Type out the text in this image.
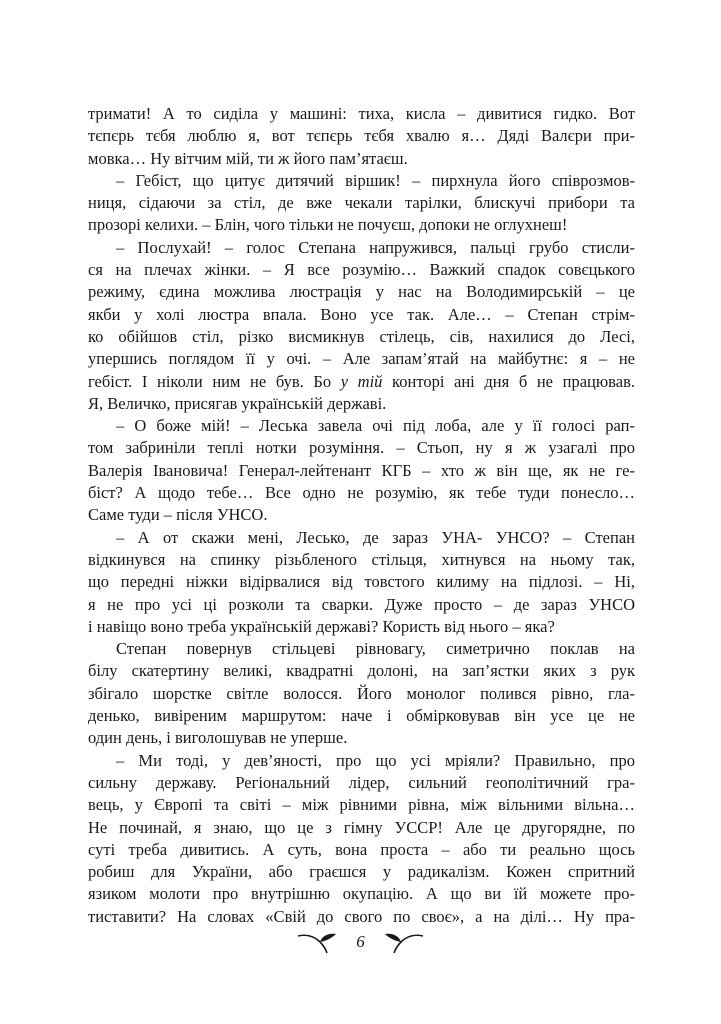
тримати! А то сиділа у машині: тиха, кисла – дивитися гидко. Вот
тєпєрь тєбя люблю я, вот тєпєрь тєбя хвалю я… Дяді Валєри при-
мовка… Ну вітчим мій, ти ж його пам’ятаєш.
– Гебіст, що цитує дитячий віршик! – пирхнула його співрозмов-
ниця, сідаючи за стіл, де вже чекали тарілки, блискучі прибори та
прозорі келихи. – Блін, чого тільки не почуєш, допоки не оглухнеш!
– Послухай! – голос Степана напружився, пальці грубо стисли-
ся на плечах жінки. – Я все розумію… Важкий спадок совєцького
режиму, єдина можлива люстрація у нас на Володимирській – це
якби у холі люстра впала. Воно усе так. Але… – Степан стрім-
ко обійшов стіл, різко висмикнув стілець, сів, нахилися до Лесі,
упершись поглядом її у очі. – Але запам’ятай на майбутнє: я – не
гебіст. І ніколи ним не був. Бо у тій конторі ані дня б не працював.
Я, Величко, присягав українській державі.
– О боже мій! – Леська завела очі під лоба, але у її голосі рап-
том забриніли теплі нотки розуміння. – Стьоп, ну я ж узагалі про
Валерія Івановича! Генерал-лейтенант КГБ – хто ж він ще, як не ге-
біст? А щодо тебе… Все одно не розумію, як тебе туди понесло…
Саме туди – після УНСО.
– А от скажи мені, Лесько, де зараз УНА- УНСО? – Степан
відкинувся на спинку різьбленого стільця, хитнувся на ньому так,
що передні ніжки відірвалися від товстого килиму на підлозі. – Ні,
я не про усі ці розколи та сварки. Дуже просто – де зараз УНСО
і навіщо воно треба українській державі? Користь від нього – яка?
Степан повернув стільцеві рівновагу, симетрично поклав на
білу скатертину великі, квадратні долоні, на зап’ястки яких з рук
збігало шорстке світле волосся. Його монолог полився рівно, гла-
денько, вивіреним маршрутом: наче і обмірковував він усе це не
один день, і виголошував не уперше.
– Ми тоді, у дев’яності, про що усі мріяли? Правильно, про
сильну державу. Регіональний лідер, сильний геополітичний гра-
вець, у Європі та світі – між рівними рівна, між вільними вільна…
Не починай, я знаю, що це з гімну УССР! Але це другорядне, по
суті треба дивитись. А суть, вона проста – або ти реально щось
робиш для України, або граєшся у радикалізм. Кожен спритний
язиком молоти про внутрішню окупацію. А що ви їй можете про-
тиставити? На словах «Свій до свого по своє», а на ділі… Ну пра-
6
